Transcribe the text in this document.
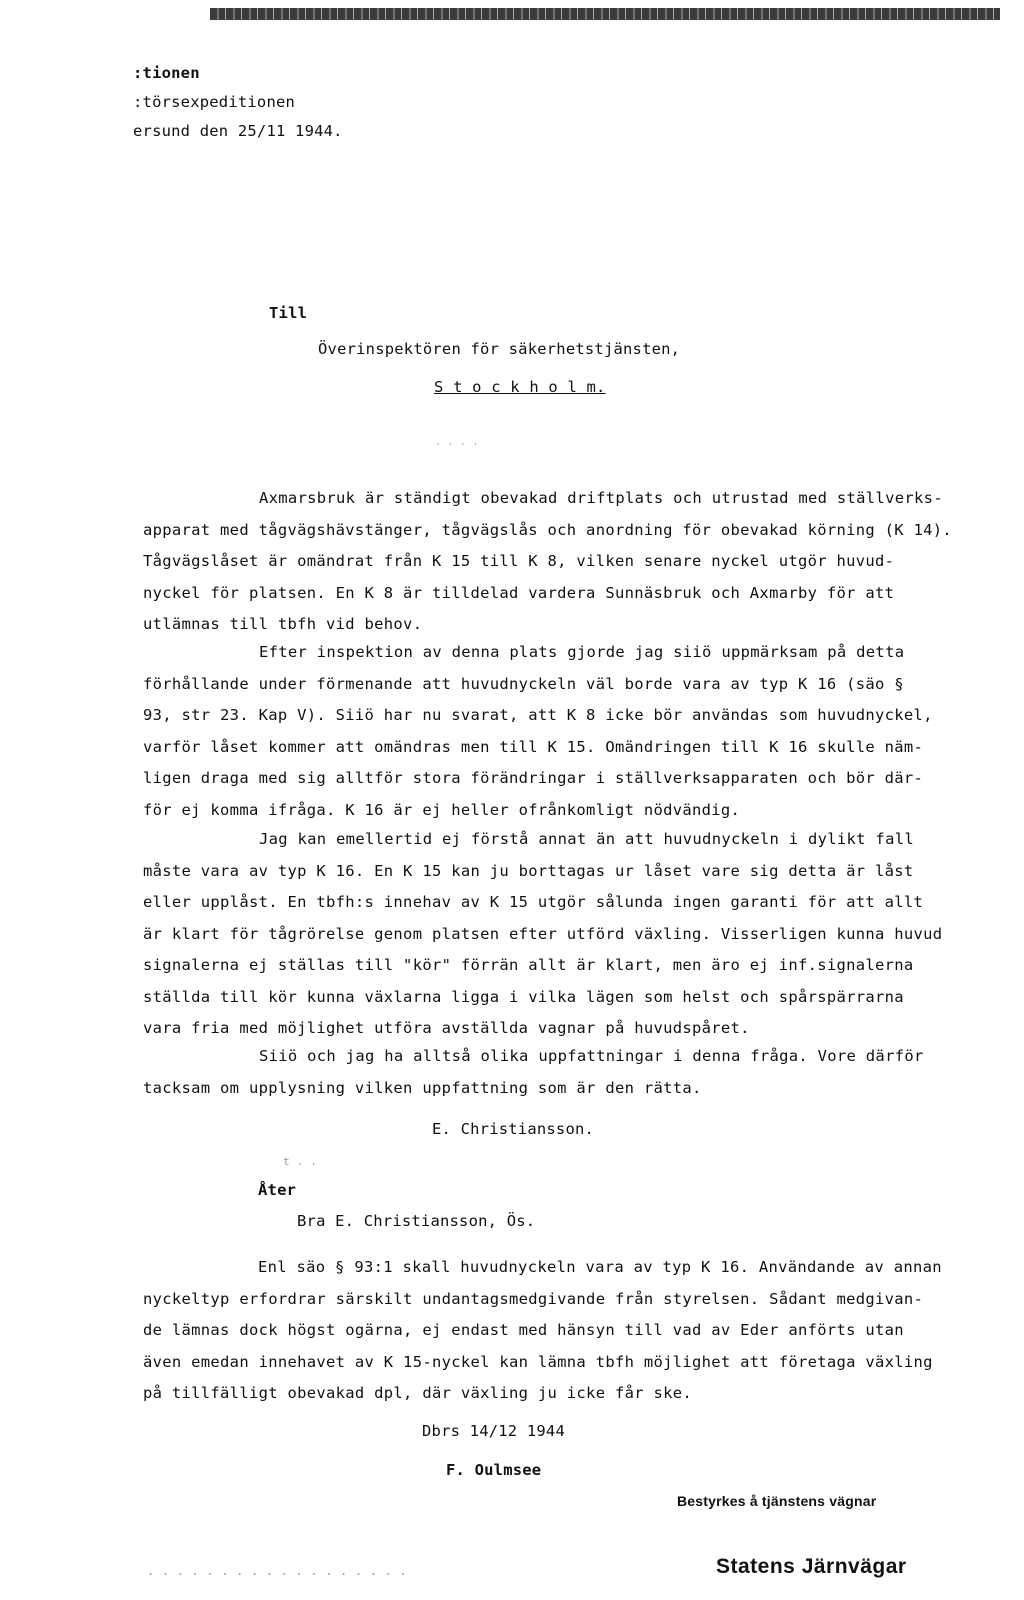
:tionen
:törsexpeditionen
ersund den 25/11 1944.
Till
Överinspektören för säkerhetstjänsten,
S t o c k h o l m.
. . . .

Axmarsbruk är ständigt obevakad driftplats och utrustad med ställverks-

apparat med tågvägshävstänger, tågvägslås och anordning för obevakad körning (K 14).

Tågvägslåset är omändrat från K 15 till K 8, vilken senare nyckel utgör huvud-

nyckel för platsen. En K 8 är tilldelad vardera Sunnäsbruk och Axmarby för att

utlämnas till tbfh vid behov.

Efter inspektion av denna plats gjorde jag siiö uppmärksam på detta

förhållande under förmenande att huvudnyckeln väl borde vara av typ K 16 (säo §

93, str 23. Kap V). Siiö har nu svarat, att K 8 icke bör användas som huvudnyckel,

varför låset kommer att omändras men till K 15. Omändringen till K 16 skulle näm-

ligen draga med sig alltför stora förändringar i ställverksapparaten och bör där-

för ej komma ifråga. K 16 är ej heller ofrånkomligt nödvändig.

Jag kan emellertid ej förstå annat än att huvudnyckeln i dylikt fall

måste vara av typ K 16. En K 15 kan ju borttagas ur låset vare sig detta är låst

eller upplåst. En tbfh:s innehav av K 15 utgör sålunda ingen garanti för att allt

är klart för tågrörelse genom platsen efter utförd växling. Visserligen kunna huvud

signalerna ej ställas till "kör" förrän allt är klart, men äro ej inf.signalerna

ställda till kör kunna växlarna ligga i vilka lägen som helst och spårspärrarna

vara fria med möjlighet utföra avställda vagnar på huvudspåret.

Siiö och jag ha alltså olika uppfattningar i denna fråga. Vore därför

tacksam om upplysning vilken uppfattning som är den rätta.

E. Christiansson.
t . .
Åter
Bra E. Christiansson, Ös.

Enl säo § 93:1 skall huvudnyckeln vara av typ K 16. Användande av annan

nyckeltyp erfordrar särskilt undantagsmedgivande från styrelsen. Sådant medgivan-

de lämnas dock högst ogärna, ej endast med hänsyn till vad av Eder anförts utan

även emedan innehavet av K 15-nyckel kan lämna tbfh möjlighet att företaga växling

på tillfälligt obevakad dpl, där växling ju icke får ske.

Dbrs 14/12 1944
F. Oulmsee
Bestyrkes å tjänstens vägnar
. . . . . . . . . . . . . . . . . .	Statens Järnvägar
